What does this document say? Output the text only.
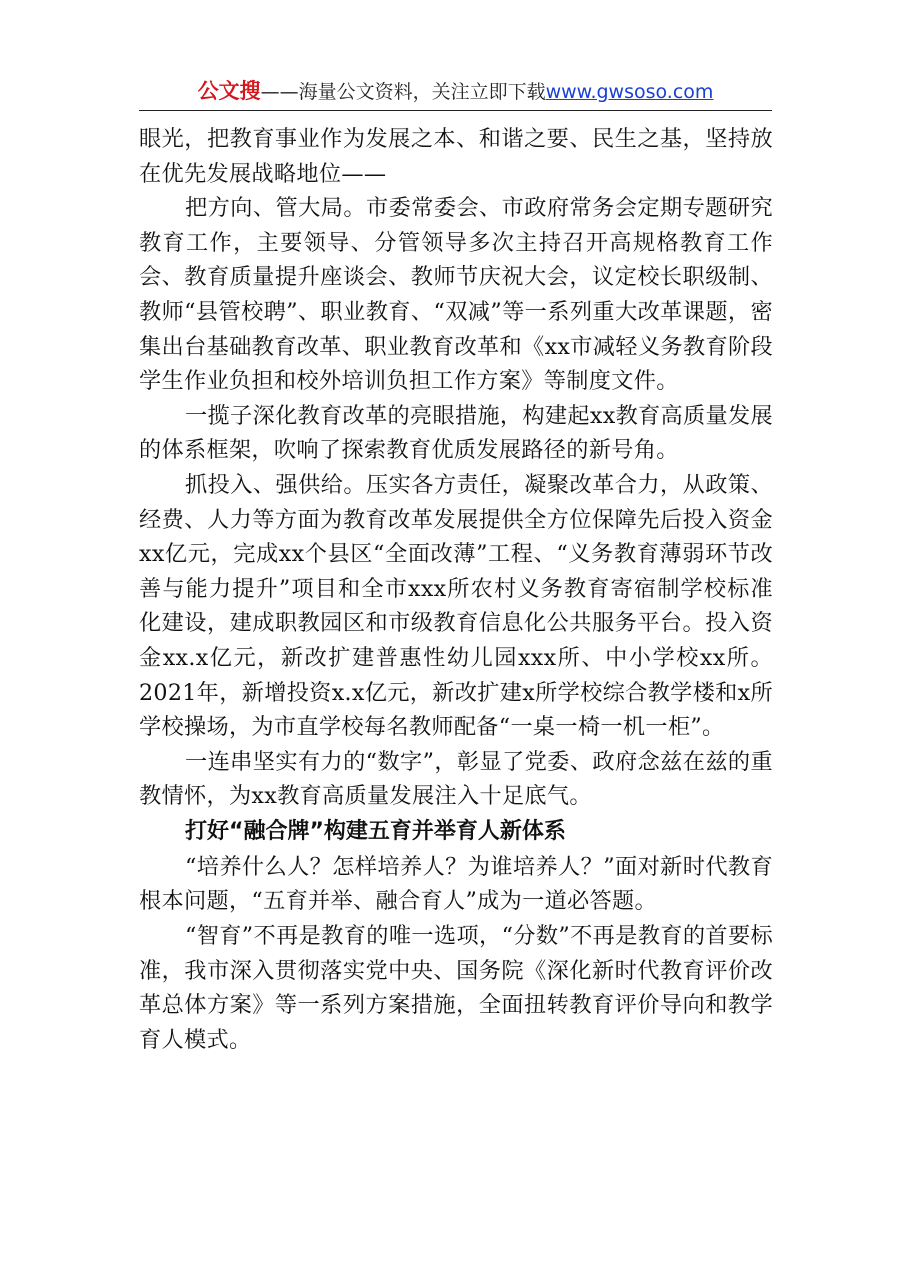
公文搜——海量公文资料，关注立即下载www.gwsoso.com

眼光，把教育事业作为发展之本、和谐之要、民生之基，坚持放在优先发展战略地位——

把方向、管大局。市委常委会、市政府常务会定期专题研究教育工作，主要领导、分管领导多次主持召开高规格教育工作会、教育质量提升座谈会、教师节庆祝大会，议定校长职级制、教师“县管校聘”、职业教育、“双减”等一系列重大改革课题，密集出台基础教育改革、职业教育改革和《xx市减轻义务教育阶段学生作业负担和校外培训负担工作方案》等制度文件。

一揽子深化教育改革的亮眼措施，构建起xx教育高质量发展的体系框架，吹响了探索教育优质发展路径的新号角。

抓投入、强供给。压实各方责任，凝聚改革合力，从政策、经费、人力等方面为教育改革发展提供全方位保障先后投入资金xx亿元，完成xx个县区“全面改薄”工程、“义务教育薄弱环节改善与能力提升”项目和全市xxx所农村义务教育寄宿制学校标准化建设，建成职教园区和市级教育信息化公共服务平台。投入资金xx.x亿元，新改扩建普惠性幼儿园xxx所、中小学校xx所。2021年，新增投资x.x亿元，新改扩建x所学校综合教学楼和x所学校操场，为市直学校每名教师配备“一桌一椅一机一柜”。

一连串坚实有力的“数字”，彰显了党委、政府念兹在兹的重教情怀，为xx教育高质量发展注入十足底气。

打好“融合牌”构建五育并举育人新体系

“培养什么人？怎样培养人？为谁培养人？”面对新时代教育根本问题，“五育并举、融合育人”成为一道必答题。

“智育”不再是教育的唯一选项，“分数”不再是教育的首要标准，我市深入贯彻落实党中央、国务院《深化新时代教育评价改革总体方案》等一系列方案措施，全面扭转教育评价导向和教学育人模式。
